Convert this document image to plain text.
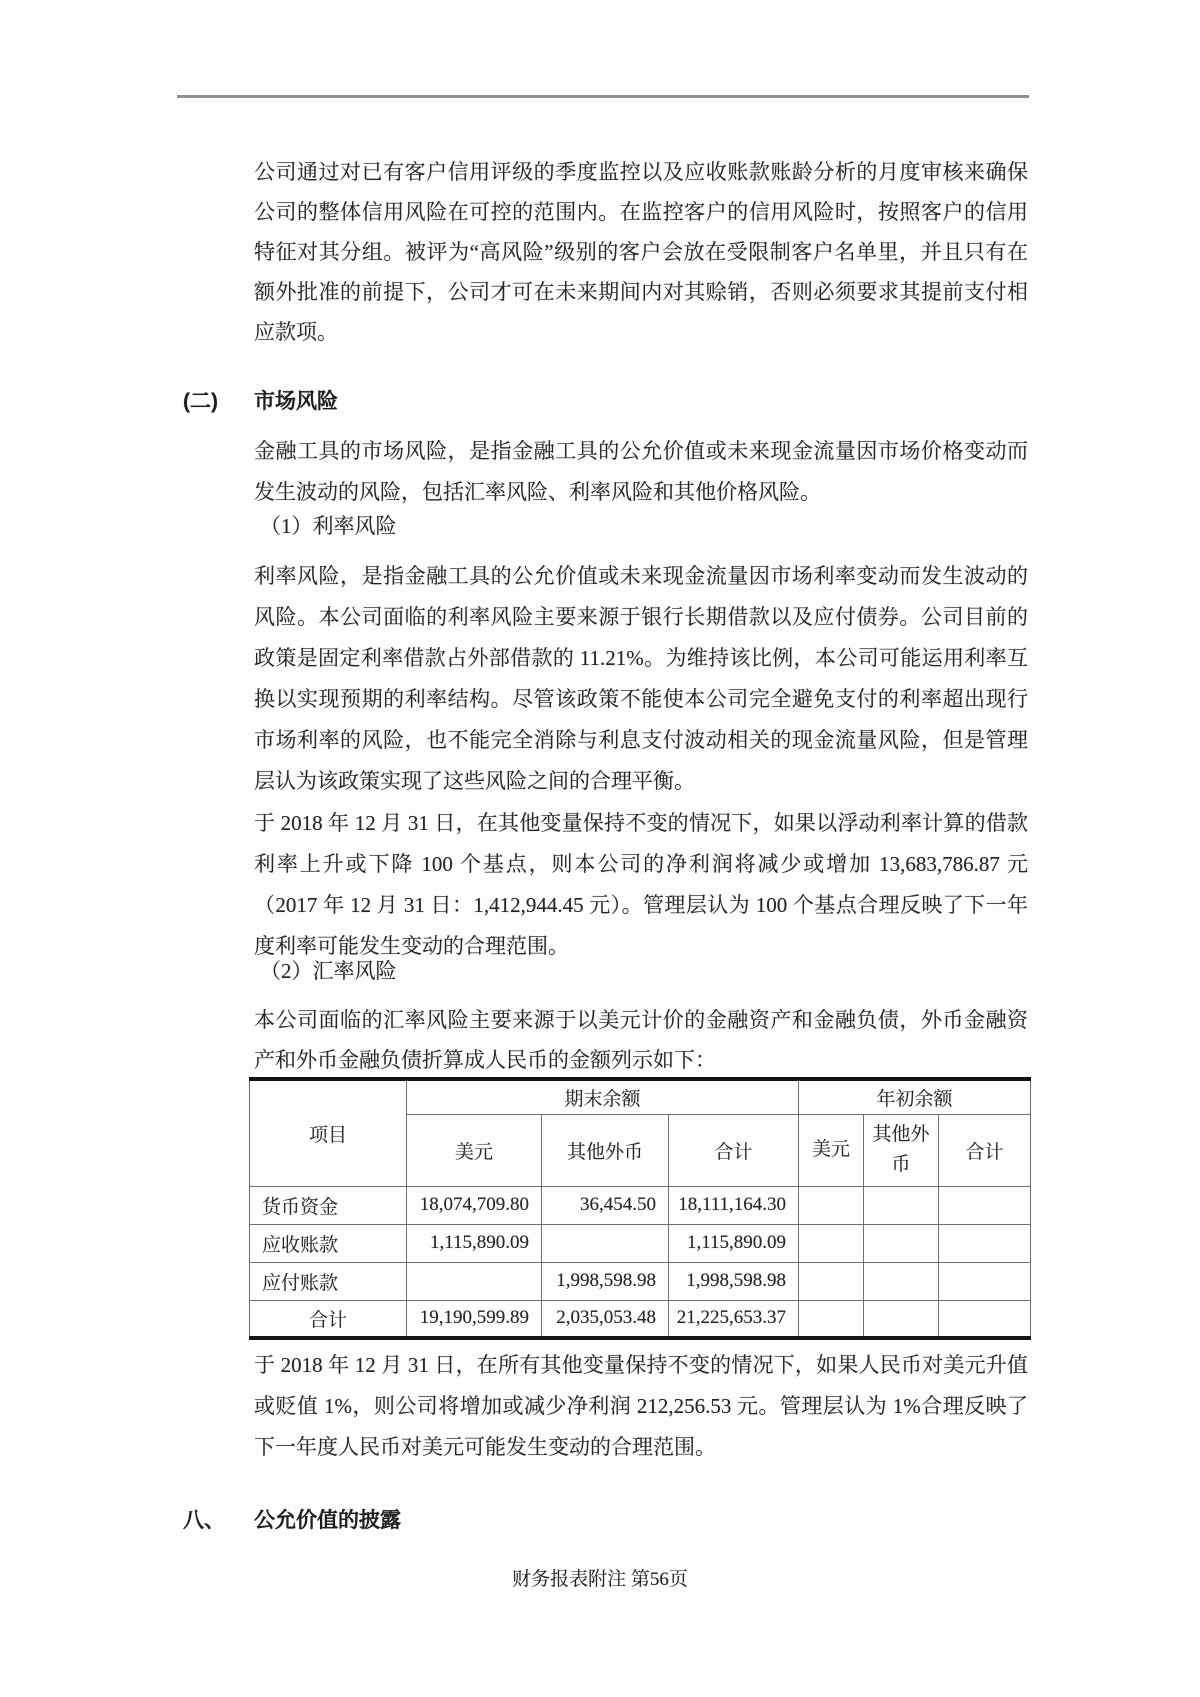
公司通过对已有客户信用评级的季度监控以及应收账款账龄分析的月度审核来确保公司的整体信用风险在可控的范围内。在监控客户的信用风险时，按照客户的信用特征对其分组。被评为“高风险”级别的客户会放在受限制客户名单里，并且只有在额外批准的前提下，公司才可在未来期间内对其赊销，否则必须要求其提前支付相应款项。

(二) 市场风险

金融工具的市场风险，是指金融工具的公允价值或未来现金流量因市场价格变动而发生波动的风险，包括汇率风险、利率风险和其他价格风险。

（1）利率风险

利率风险，是指金融工具的公允价值或未来现金流量因市场利率变动而发生波动的风险。本公司面临的利率风险主要来源于银行长期借款以及应付债券。公司目前的政策是固定利率借款占外部借款的 11.21%。为维持该比例，本公司可能运用利率互换以实现预期的利率结构。尽管该政策不能使本公司完全避免支付的利率超出现行市场利率的风险，也不能完全消除与利息支付波动相关的现金流量风险，但是管理层认为该政策实现了这些风险之间的合理平衡。

于 2018 年 12 月 31 日，在其他变量保持不变的情况下，如果以浮动利率计算的借款利率上升或下降 100 个基点，则本公司的净利润将减少或增加 13,683,786.87 元（2017 年 12 月 31 日：1,412,944.45 元）。管理层认为 100 个基点合理反映了下一年度利率可能发生变动的合理范围。

（2）汇率风险

本公司面临的汇率风险主要来源于以美元计价的金融资产和金融负债，外币金融资产和外币金融负债折算成人民币的金额列示如下：

项目	期末余额			年初余额		
	美元	其他外币	合计	美元	其他外币	合计
货币资金	18,074,709.80	36,454.50	18,111,164.30			
应收账款	1,115,890.09		1,115,890.09			
应付账款		1,998,598.98	1,998,598.98			
合计	19,190,599.89	2,035,053.48	21,225,653.37			

于 2018 年 12 月 31 日，在所有其他变量保持不变的情况下，如果人民币对美元升值或贬值 1%，则公司将增加或减少净利润 212,256.53 元。管理层认为 1%合理反映了下一年度人民币对美元可能发生变动的合理范围。

八、 公允价值的披露

财务报表附注 第56页
